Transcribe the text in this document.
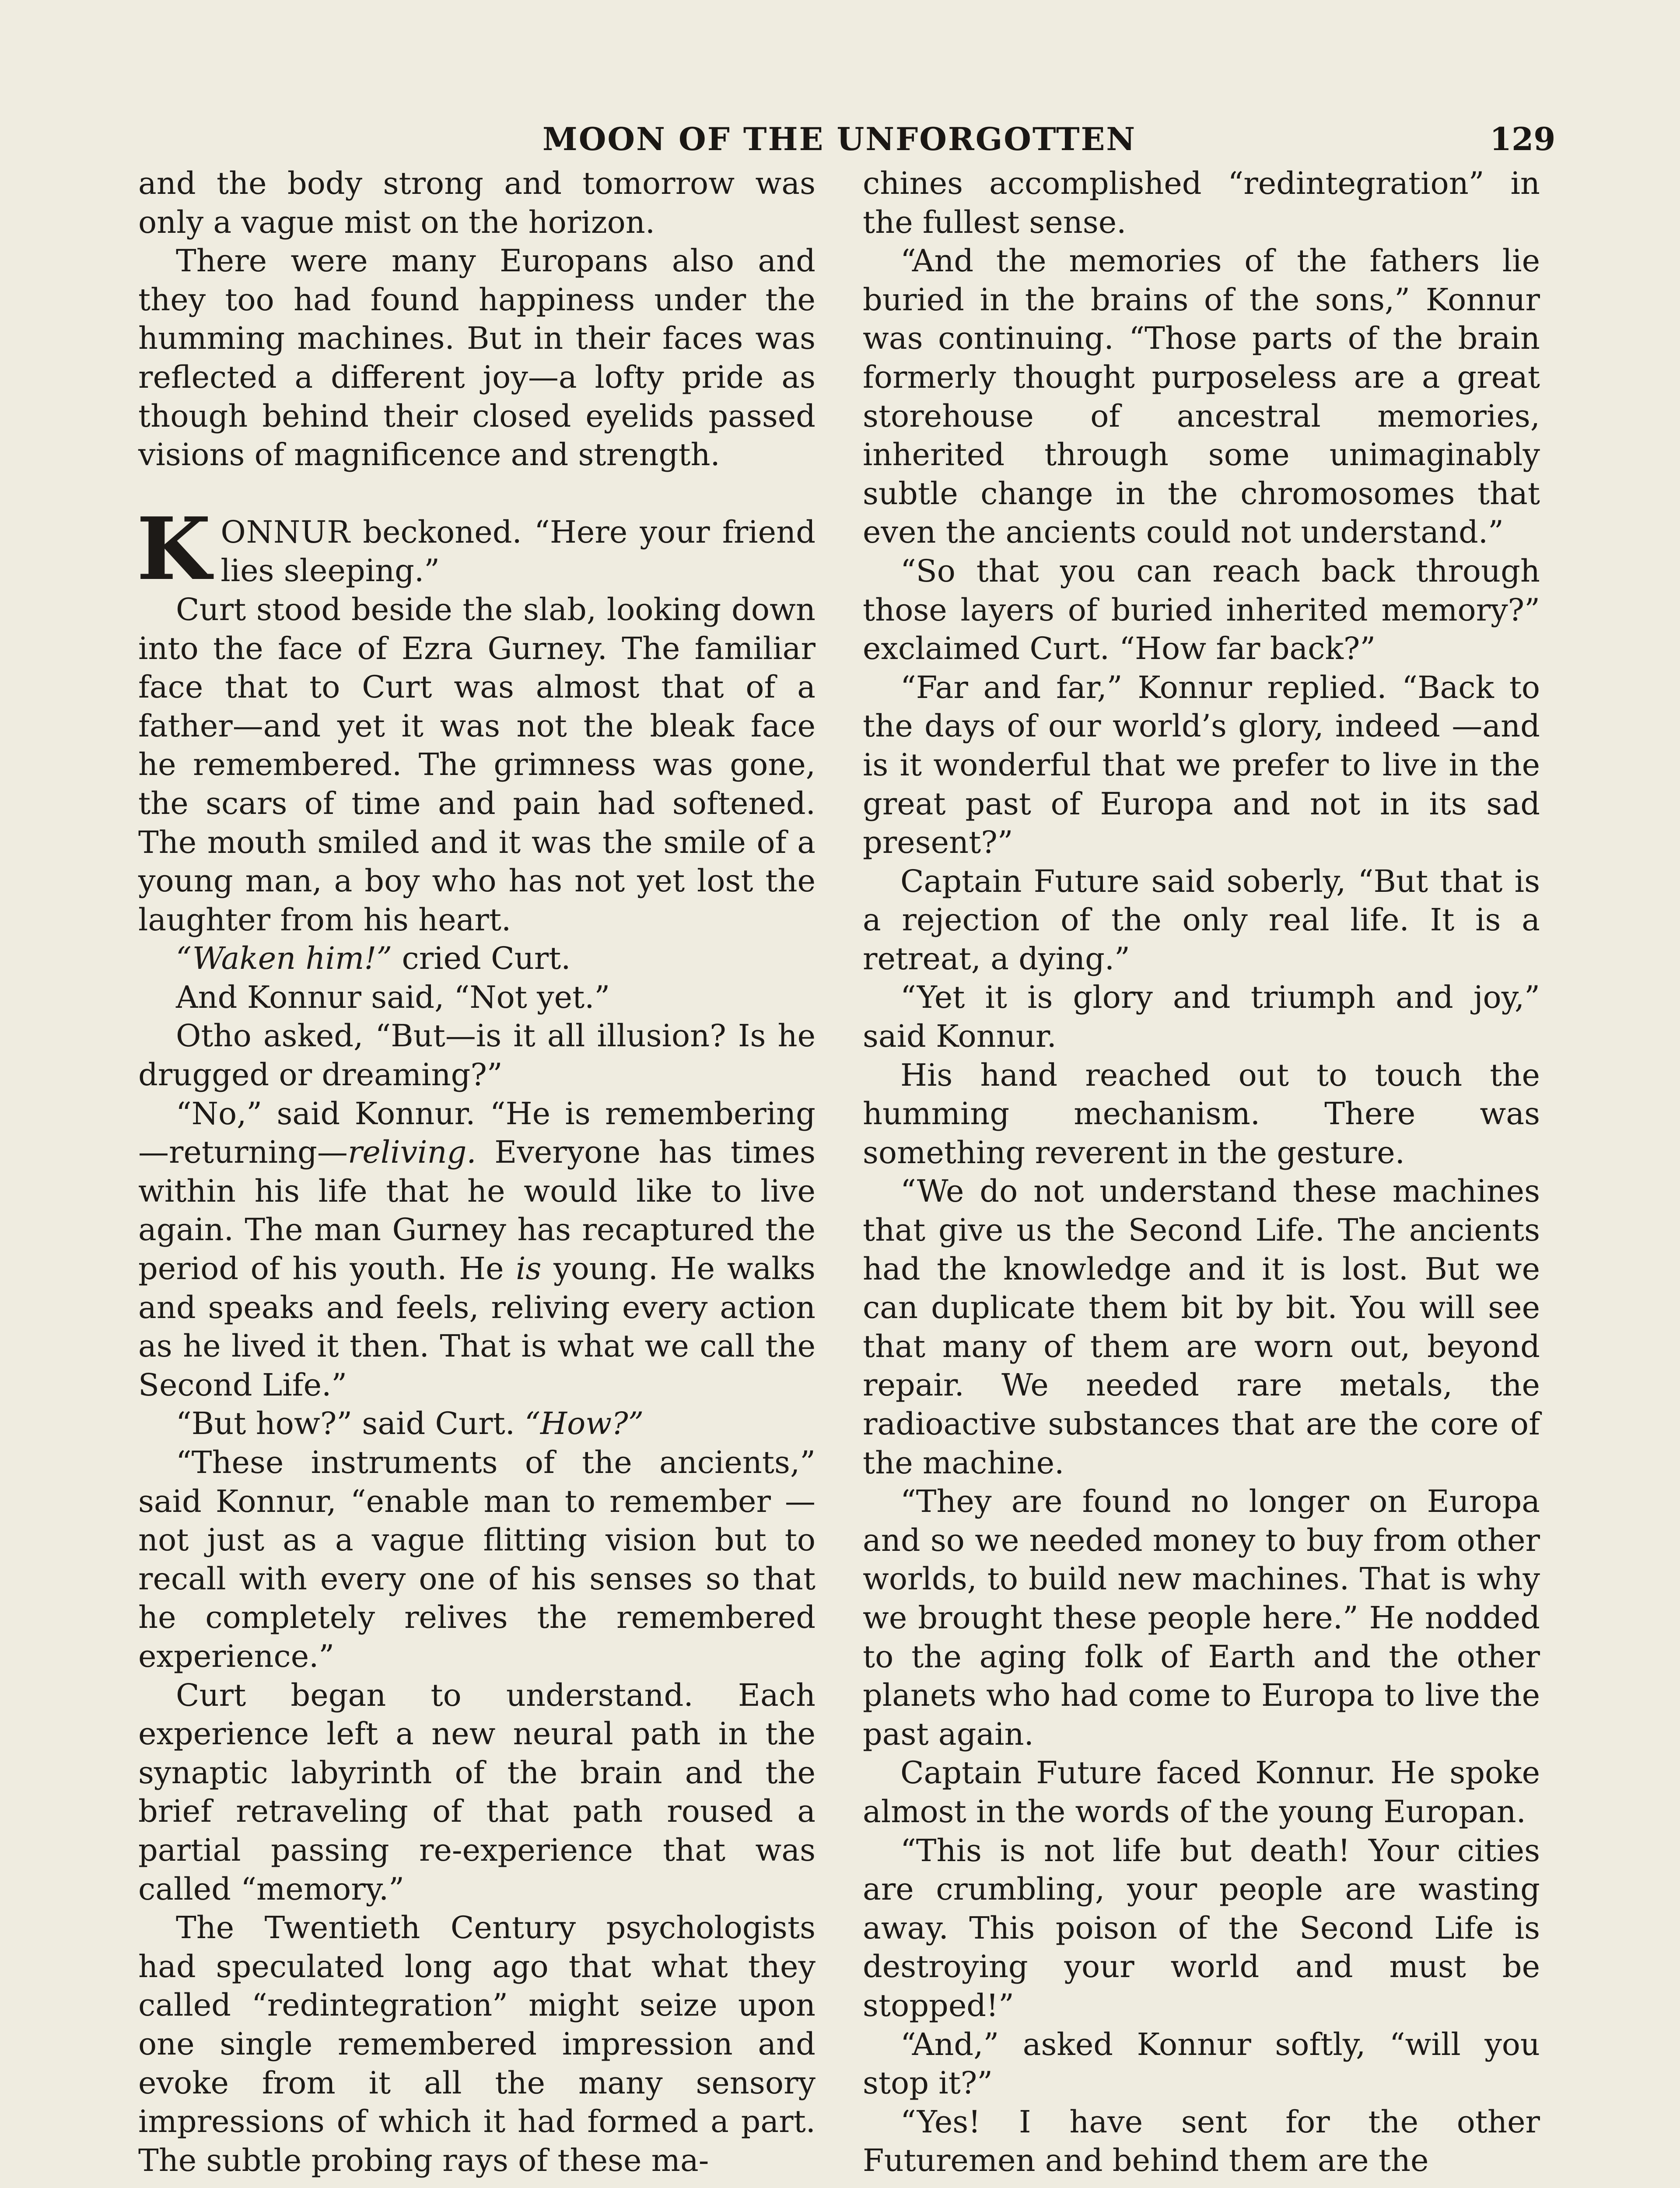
MOON OF THE UNFORGOTTEN	129

and the body strong and tomorrow was only a vague mist on the horizon.

There were many Europans also and they too had found happiness under the humming machines. But in their faces was reflected a different joy—a lofty pride as though behind their closed eyelids passed visions of magnificence and strength.

KONNUR beckoned. “Here your friend lies sleeping.”

Curt stood beside the slab, looking down into the face of Ezra Gurney. The familiar face that to Curt was almost that of a father—and yet it was not the bleak face he remembered. The grimness was gone, the scars of time and pain had softened. The mouth smiled and it was the smile of a young man, a boy who has not yet lost the laughter from his heart.

“Waken him!” cried Curt.

And Konnur said, “Not yet.”

Otho asked, “But—is it all illusion? Is he drugged or dreaming?”

“No,” said Konnur. “He is remembering—returning—reliving. Everyone has times within his life that he would like to live again. The man Gurney has recaptured the period of his youth. He is young. He walks and speaks and feels, reliving every action as he lived it then. That is what we call the Second Life.”

“But how?” said Curt. “How?”

“These instruments of the ancients,” said Konnur, “enable man to remember —not just as a vague flitting vision but to recall with every one of his senses so that he completely relives the remembered experience.”

Curt began to understand. Each experience left a new neural path in the synaptic labyrinth of the brain and the brief retraveling of that path roused a partial passing re-experience that was called “memory.”

The Twentieth Century psychologists had speculated long ago that what they called “redintegration” might seize upon one single remembered impression and evoke from it all the many sensory impressions of which it had formed a part. The subtle probing rays of these ma-

chines accomplished “redintegration” in the fullest sense.

“And the memories of the fathers lie buried in the brains of the sons,” Konnur was continuing. “Those parts of the brain formerly thought purposeless are a great storehouse of ancestral memories, inherited through some unimaginably subtle change in the chromosomes that even the ancients could not understand.”

“So that you can reach back through those layers of buried inherited memory?” exclaimed Curt. “How far back?”

“Far and far,” Konnur replied. “Back to the days of our world’s glory, indeed —and is it wonderful that we prefer to live in the great past of Europa and not in its sad present?”

Captain Future said soberly, “But that is a rejection of the only real life. It is a retreat, a dying.”

“Yet it is glory and triumph and joy,” said Konnur.

His hand reached out to touch the humming mechanism. There was something reverent in the gesture.

“We do not understand these machines that give us the Second Life. The ancients had the knowledge and it is lost. But we can duplicate them bit by bit. You will see that many of them are worn out, beyond repair. We needed rare metals, the radioactive substances that are the core of the machine.

“They are found no longer on Europa and so we needed money to buy from other worlds, to build new machines. That is why we brought these people here.” He nodded to the aging folk of Earth and the other planets who had come to Europa to live the past again.

Captain Future faced Konnur. He spoke almost in the words of the young Europan.

“This is not life but death! Your cities are crumbling, your people are wasting away. This poison of the Second Life is destroying your world and must be stopped!”

“And,” asked Konnur softly, “will you stop it?”

“Yes! I have sent for the other Futuremen and behind them are the
